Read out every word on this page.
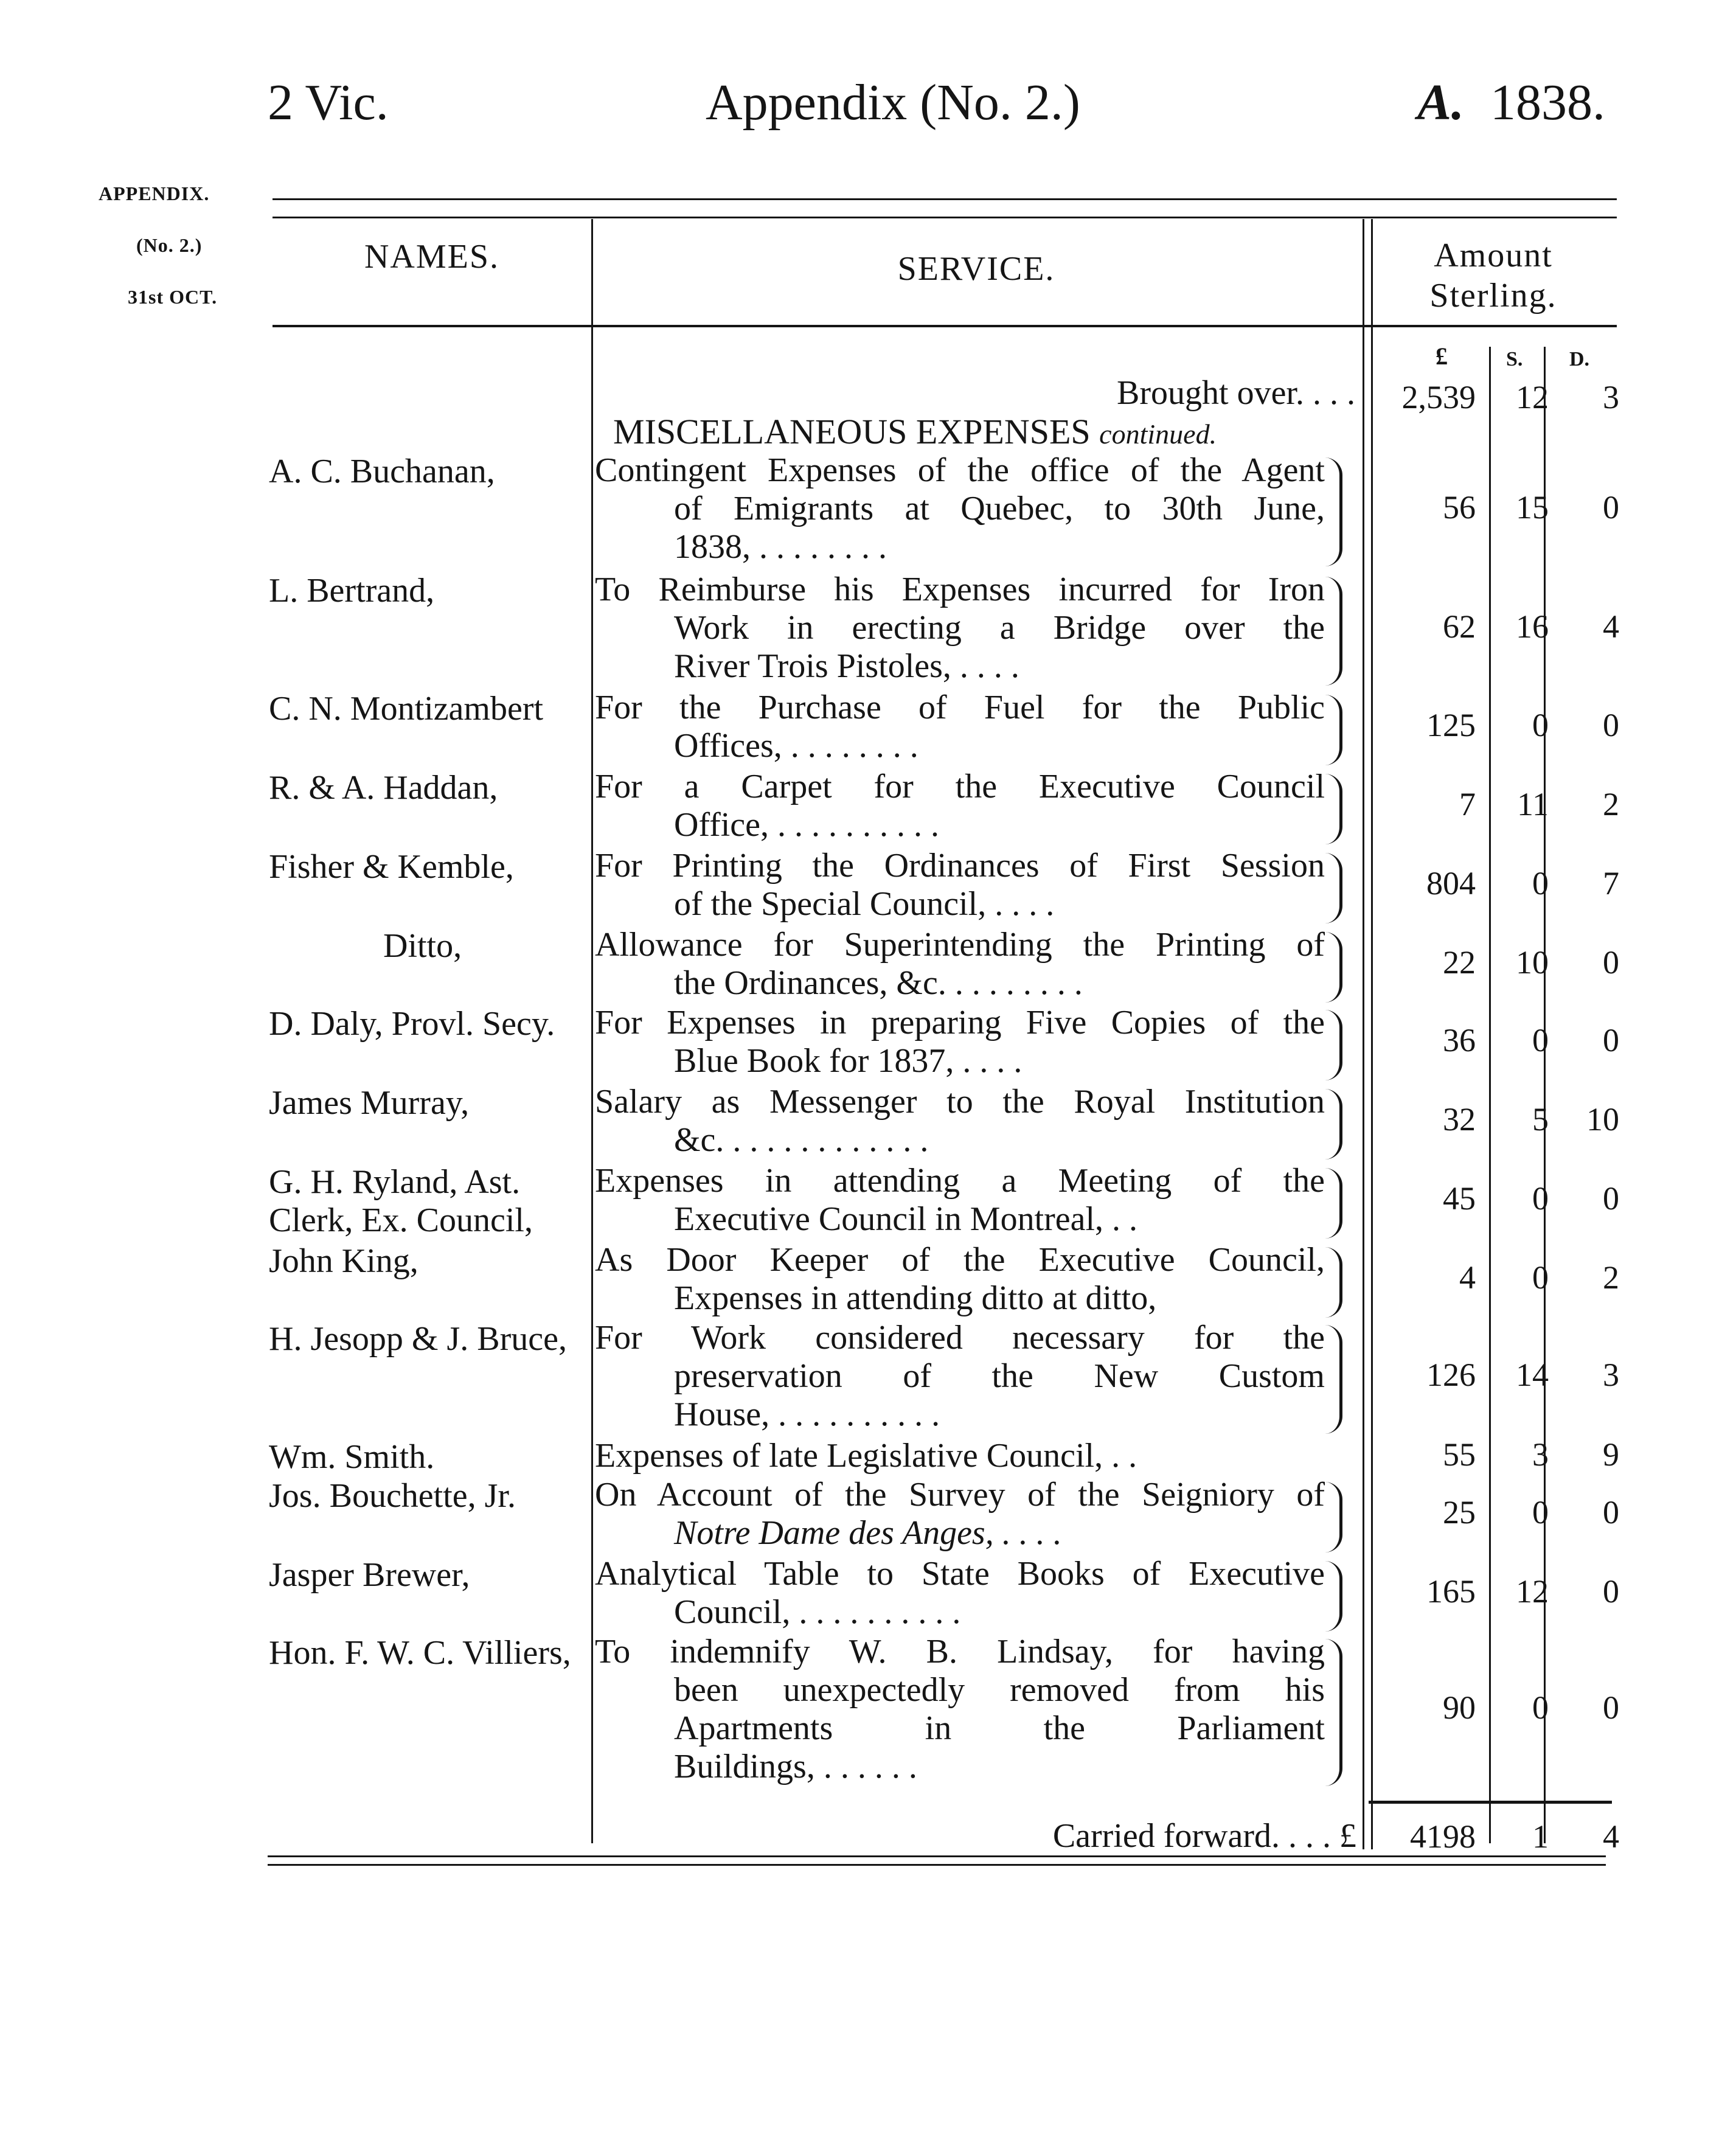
2 Vic.	Appendix (No. 2.)	A. 1838.
APPENDIX.
(No. 2.)
31st OCT.
NAMES.	SERVICE.	Amount
Sterling.
£	S. D.
Brought over. . . .	2,539 12	3
MISCELLANEOUS EXPENSES continued.
A. C. Buchanan,	Contingent Expenses of the office of the Agent
of Emigrants at Quebec, to 30th June,
1838, . . . . . . . .
56 15	0
L. Bertrand,	To Reimburse his Expenses incurred for Iron
Work in erecting a Bridge over the
River Trois Pistoles, . . . .
62 16	4
C. N. Montizambert For the Purchase of Fuel for the Public
Offices, . . . . . . . .
125	0	0
R. & A. Haddan,	For a Carpet for the Executive Council
Office, . . . . . . . . . .
7	11	2
Fisher & Kemble, For Printing the Ordinances of First Session
of the Special Council, . . . .
804	0	7
Ditto,	Allowance for Superintending the Printing of
the Ordinances, &c. . . . . . . . .
22 10	0
D. Daly, Provl. Secy. For Expenses in preparing Five Copies of the
Blue Book for 1837, . . . .
36	0	0
James Murray,	Salary as Messenger to the Royal Institution
&c. . . . . . . . . . . . .
32	5	10
G. H. Ryland, Ast.
Clerk, Ex. Council,
Expenses in attending a Meeting of the
Executive Council in Montreal, . .
45	0	0
John King,	As Door Keeper of the Executive Council,
Expenses in attending ditto at ditto,
4	0	2
H. Jesopp & J. Bruce, For Work considered necessary for the
preservation of the New Custom
House, . . . . . . . . . .
126 14	3
Wm. Smith.	Expenses of late Legislative Council, . .	55	3	9
Jos. Bouchette, Jr. On Account of the Survey of the Seigniory of
Notre Dame des Anges, . . . .
25	0	0
Jasper Brewer,	Analytical Table to State Books of Executive
Council, . . . . . . . . . .
165 12	0
Hon. F. W. C. Villiers, To indemnify W. B. Lindsay, for having
been unexpectedly removed from his
Apartments in the Parliament
Buildings, . . . . . .
90	0	0
Carried forward. . . . £	4198	1	4
